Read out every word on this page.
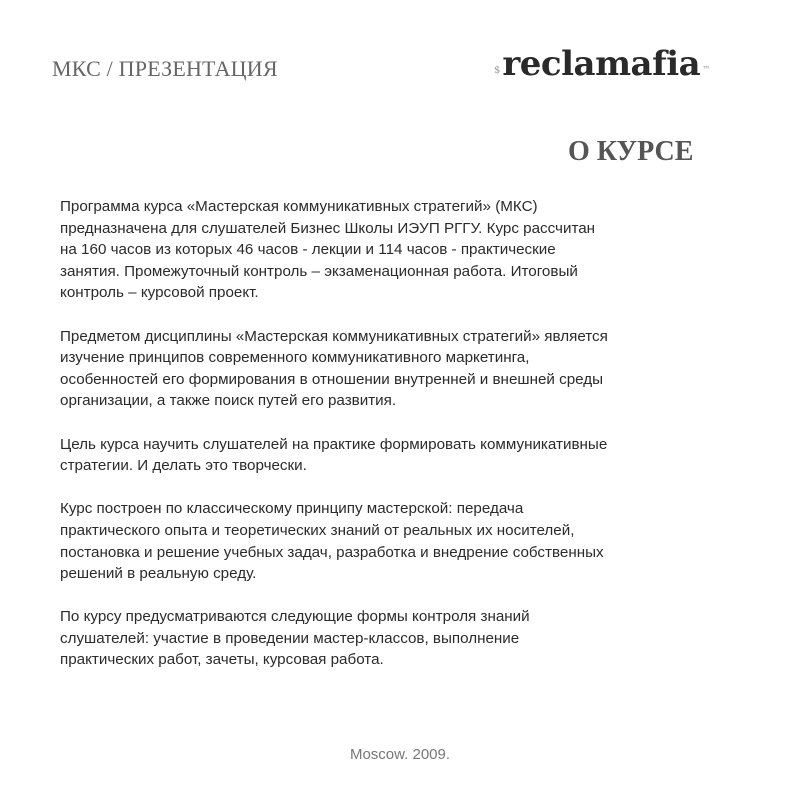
МКС / ПРЕЗЕНТАЦИЯ	$ reclamafia ™
О КУРСЕ

Программа курса «Мастерская коммуникативных стратегий» (МКС)
предназначена для слушателей Бизнес Школы ИЭУП РГГУ. Курс рассчитан
на 160 часов из которых 46 часов - лекции и 114 часов - практические
занятия. Промежуточный контроль – экзаменационная работа. Итоговый
контроль – курсовой проект.

Предметом дисциплины «Мастерская коммуникативных стратегий» является
изучение принципов современного коммуникативного маркетинга,
особенностей его формирования в отношении внутренней и внешней среды
организации, а также поиск путей его развития.

Цель курса научить слушателей на практике формировать коммуникативные
стратегии. И делать это творчески.

Курс построен по классическому принципу мастерской: передача
практического опыта и теоретических знаний от реальных их носителей,
постановка и решение учебных задач, разработка и внедрение собственных
решений в реальную среду.

По курсу предусматриваются следующие формы контроля знаний
слушателей: участие в проведении мастер-классов, выполнение
практических работ, зачеты, курсовая работа.

Moscow. 2009.
